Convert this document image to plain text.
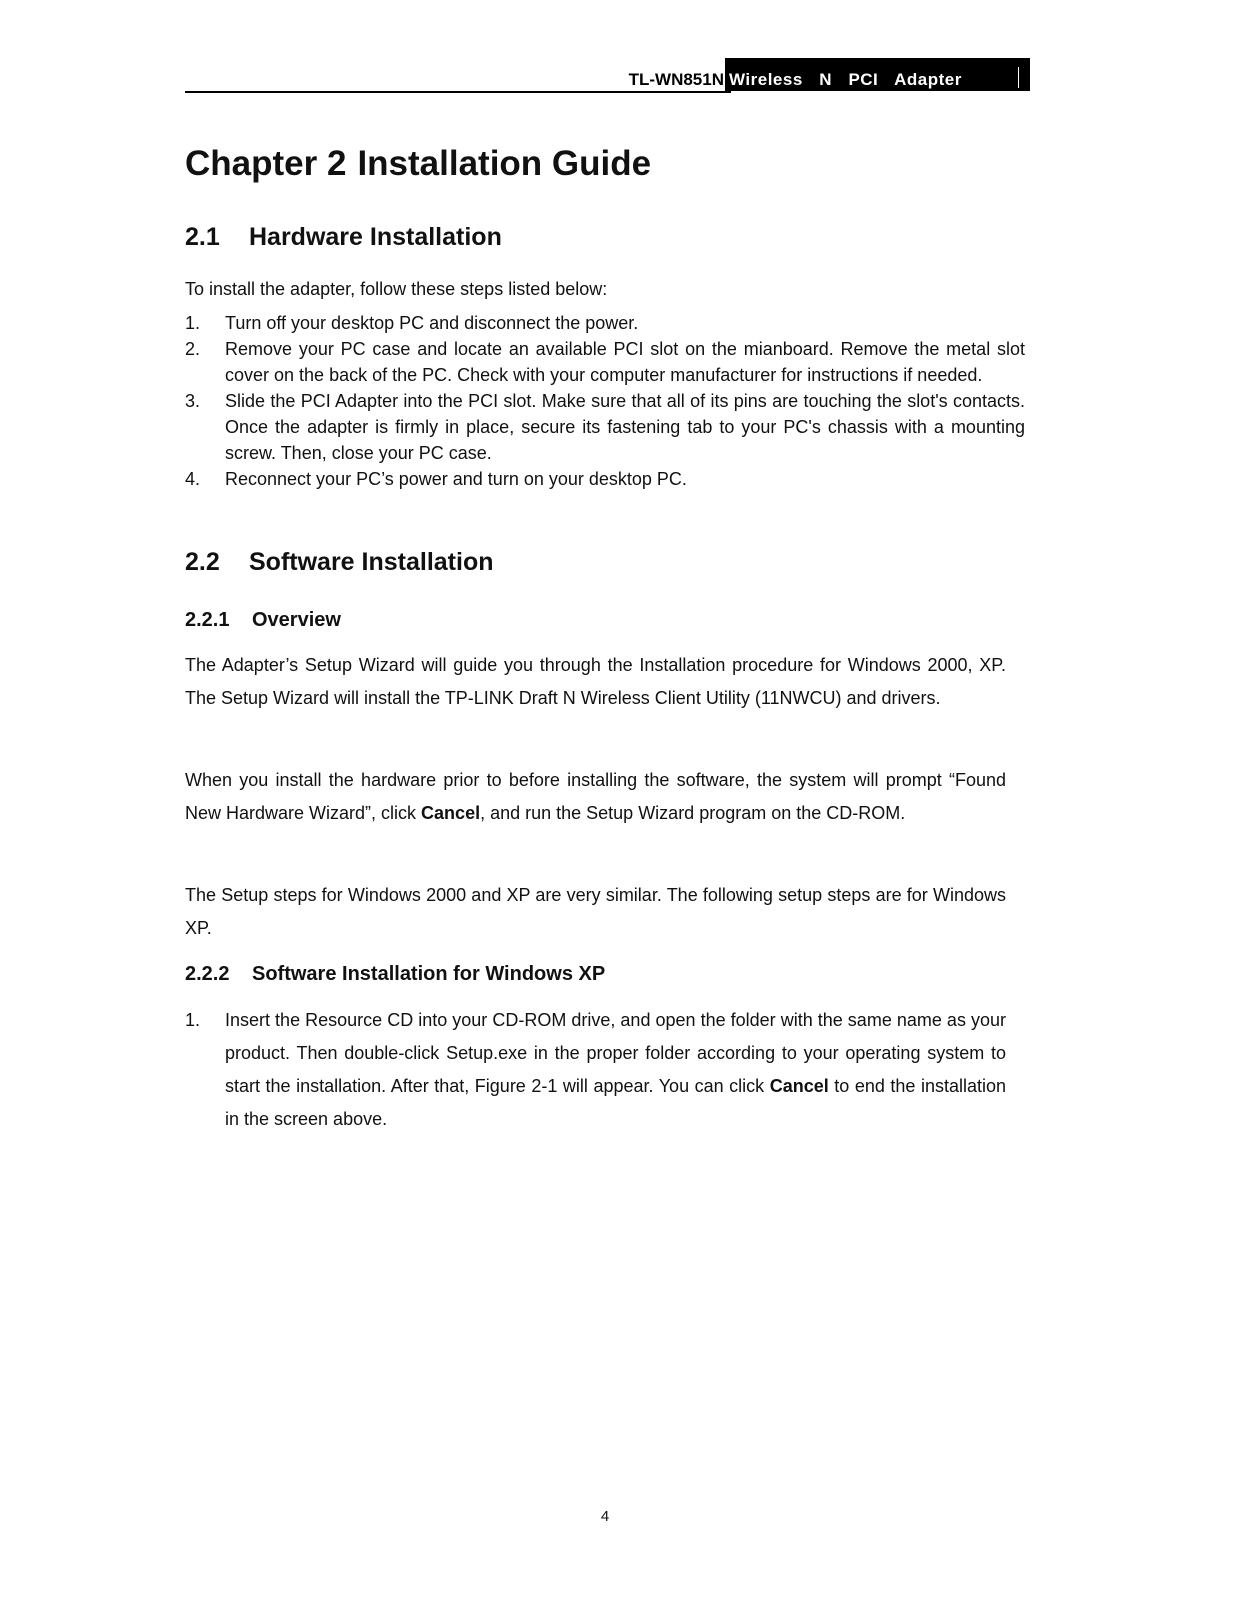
TL-WN851N Wireless  N  PCI  Adapter
Chapter 2 Installation Guide
2.1 Hardware Installation
To install the adapter, follow these steps listed below:
1. Turn off your desktop PC and disconnect the power.
2. Remove your PC case and locate an available PCI slot on the mianboard. Remove the metal slot cover on the back of the PC. Check with your computer manufacturer for instructions if needed.
3. Slide the PCI Adapter into the PCI slot. Make sure that all of its pins are touching the slot's contacts. Once the adapter is firmly in place, secure its fastening tab to your PC's chassis with a mounting screw. Then, close your PC case.
4. Reconnect your PC’s power and turn on your desktop PC.
2.2 Software Installation
2.2.1 Overview
The Adapter’s Setup Wizard will guide you through the Installation procedure for Windows 2000, XP. The Setup Wizard will install the TP-LINK Draft N Wireless Client Utility (11NWCU) and drivers.
When you install the hardware prior to before installing the software, the system will prompt “Found New Hardware Wizard”, click Cancel, and run the Setup Wizard program on the CD-ROM.
The Setup steps for Windows 2000 and XP are very similar. The following setup steps are for Windows XP.
2.2.2 Software Installation for Windows XP
1. Insert the Resource CD into your CD-ROM drive, and open the folder with the same name as your product. Then double-click Setup.exe in the proper folder according to your operating system to start the installation. After that, Figure 2-1 will appear. You can click Cancel to end the installation in the screen above.
4
